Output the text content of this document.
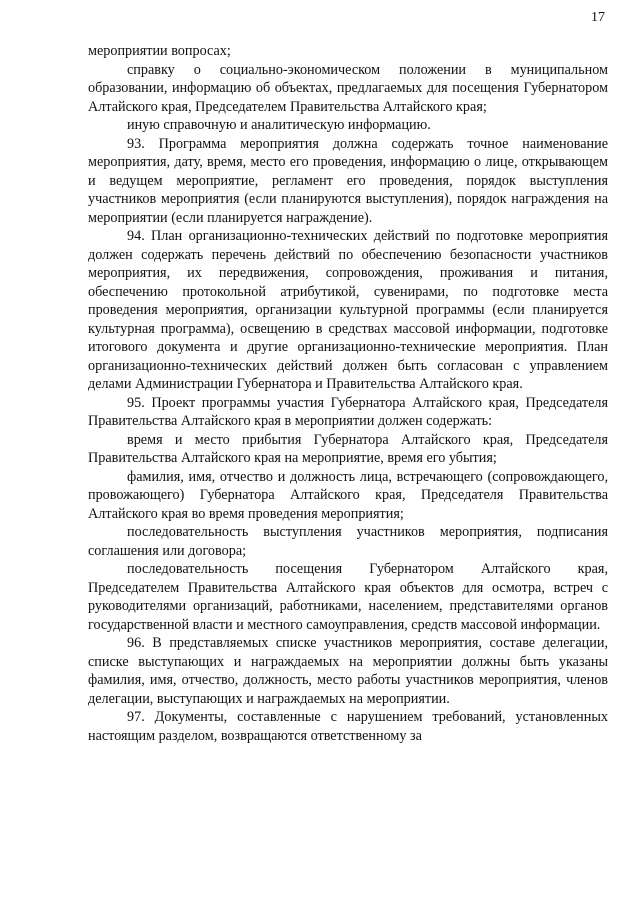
17

мероприятии вопросах;

справку о социально-экономическом положении в муниципальном образовании, информацию об объектах, предлагаемых для посещения Губернатором Алтайского края, Председателем Правительства Алтайского края;

иную справочную и аналитическую информацию.

93. Программа мероприятия должна содержать точное наименование мероприятия, дату, время, место его проведения, информацию о лице, открывающем и ведущем мероприятие, регламент его проведения, порядок выступления участников мероприятия (если планируются выступления), порядок награждения на мероприятии (если планируется награждение).

94. План организационно-технических действий по подготовке мероприятия должен содержать перечень действий по обеспечению безопасности участников мероприятия, их передвижения, сопровождения, проживания и питания, обеспечению протокольной атрибутикой, сувенирами, по подготовке места проведения мероприятия, организации культурной программы (если планируется культурная программа), освещению в средствах массовой информации, подготовке итогового документа и другие организационно-технические мероприятия. План организационно-технических действий должен быть согласован с управлением делами Администрации Губернатора и Правительства Алтайского края.

95. Проект программы участия Губернатора Алтайского края, Председателя Правительства Алтайского края в мероприятии должен содержать:

время и место прибытия Губернатора Алтайского края, Председателя Правительства Алтайского края на мероприятие, время его убытия;

фамилия, имя, отчество и должность лица, встречающего (сопровождающего, провожающего) Губернатора Алтайского края, Председателя Правительства Алтайского края во время проведения мероприятия;

последовательность выступления участников мероприятия, подписания соглашения или договора;

последовательность посещения Губернатором Алтайского края, Председателем Правительства Алтайского края объектов для осмотра, встреч с руководителями организаций, работниками, населением, представителями органов государственной власти и местного самоуправления, средств массовой информации.

96. В представляемых списке участников мероприятия, составе делегации, списке выступающих и награждаемых на мероприятии должны быть указаны фамилия, имя, отчество, должность, место работы участников мероприятия, членов делегации, выступающих и награждаемых на мероприятии.

97. Документы, составленные с нарушением требований, установленных настоящим разделом, возвращаются ответственному за
